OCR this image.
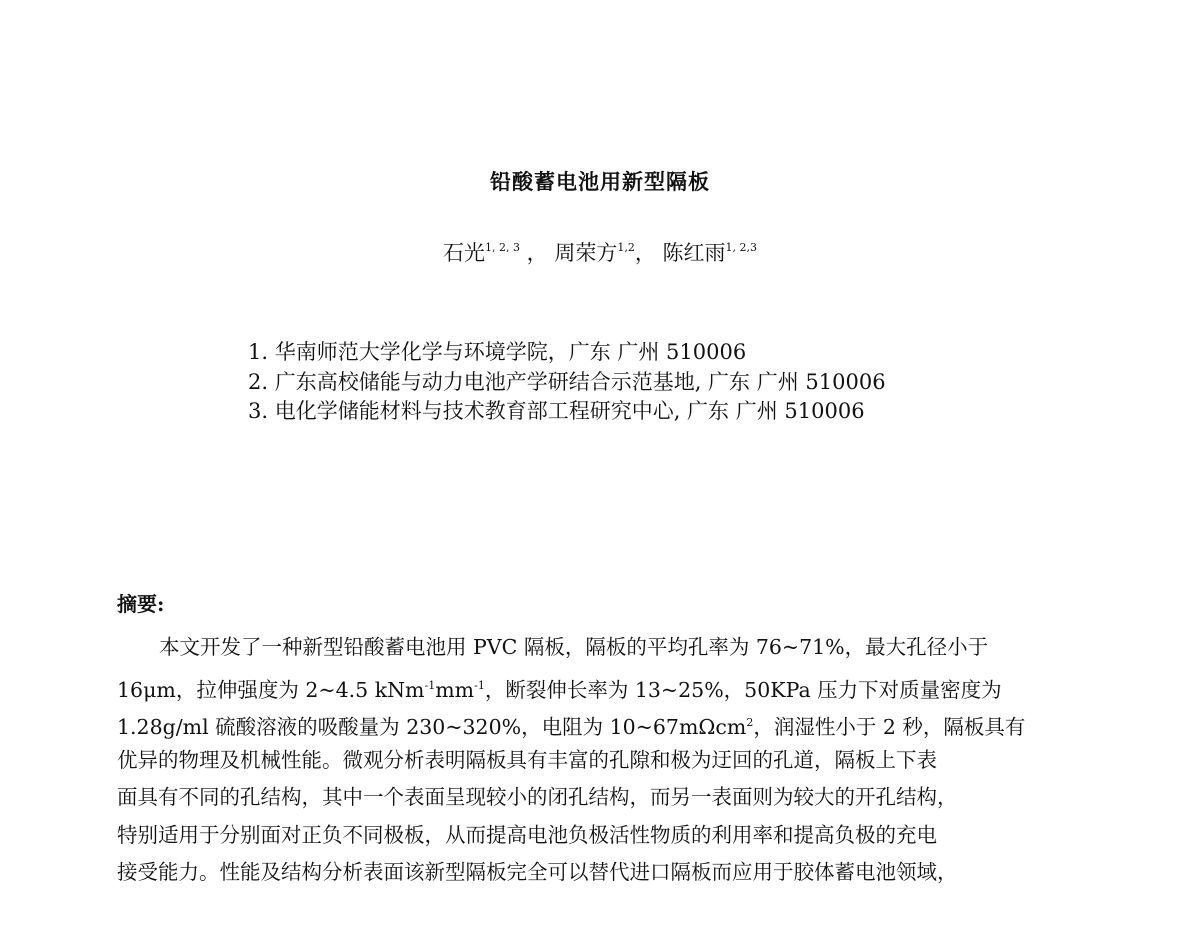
铅酸蓄电池用新型隔板
石光$^{1, 2, 3}$ ， 周荣方$^{1,2}$， 陈红雨$^{1, 2,3}$
1. 华南师范大学化学与环境学院，广东 广州 510006
2. 广东高校储能与动力电池产学研结合示范基地, 广东 广州 510006
3. 电化学储能材料与技术教育部工程研究中心, 广东 广州 510006
摘要:
本文开发了一种新型铅酸蓄电池用 PVC 隔板，隔板的平均孔率为 76~71%，最大孔径小于
16μm，拉伸强度为 2~4.5 $kNm^{-1}mm^{-1}$，断裂伸长率为 13~25%，50KPa 压力下对质量密度为
1.28g/ml 硫酸溶液的吸酸量为 230~320%，电阻为 10~67mΩcm$^2$，润湿性小于 2 秒，隔板具有
优异的物理及机械性能。微观分析表明隔板具有丰富的孔隙和极为迂回的孔道，隔板上下表
面具有不同的孔结构，其中一个表面呈现较小的闭孔结构，而另一表面则为较大的开孔结构，
特别适用于分别面对正负不同极板，从而提高电池负极活性物质的利用率和提高负极的充电
接受能力。性能及结构分析表面该新型隔板完全可以替代进口隔板而应用于胶体蓄电池领域，
